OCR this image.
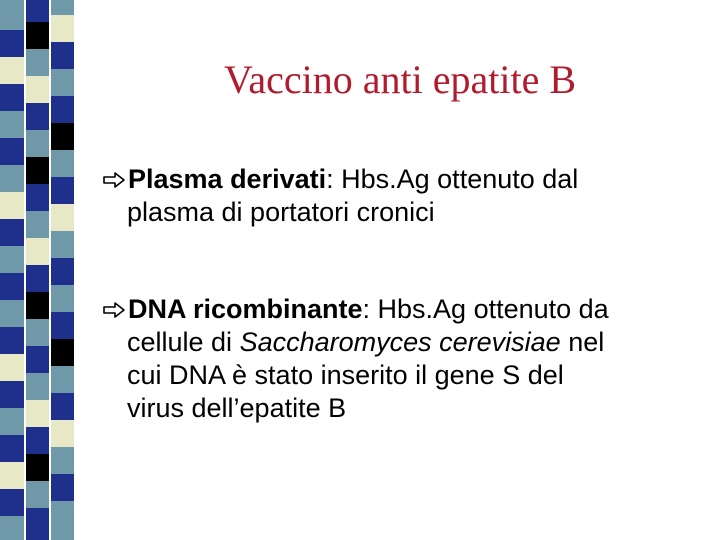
Vaccino anti epatite B
Plasma derivati: Hbs.Ag ottenuto dal
plasma di portatori cronici
DNA ricombinante: Hbs.Ag ottenuto da
cellule di Saccharomyces cerevisiae nel
cui DNA è stato inserito il gene S del
virus dell’epatite B
